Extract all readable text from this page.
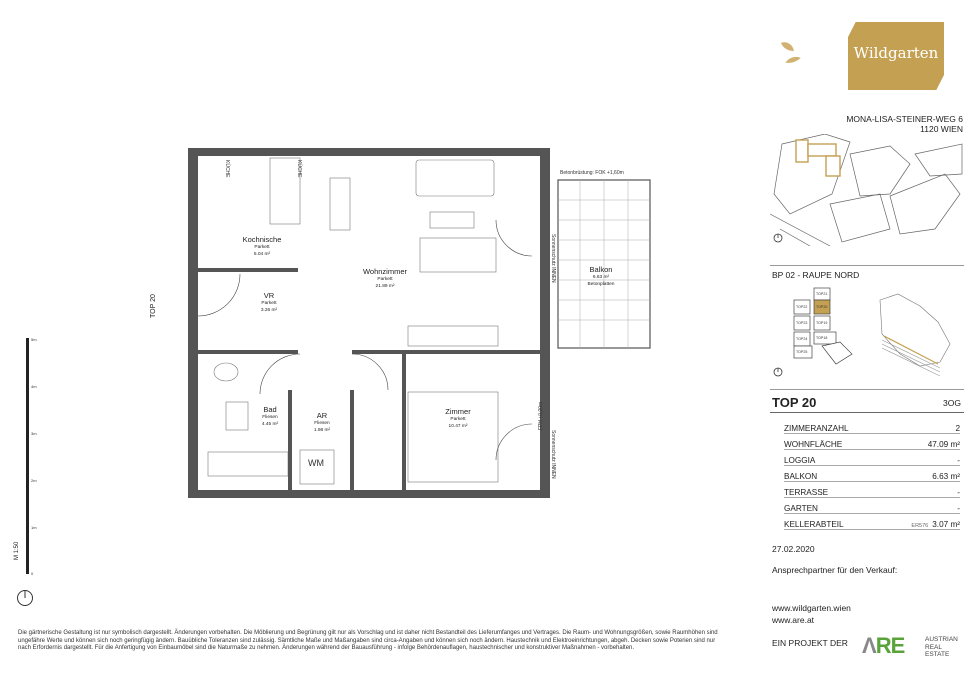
Wildgarten
MONA-LISA-STEINER-WEG 6
1120 WIEN
BP 02 - RAUPE NORD
TOP21
TOP22 TOP20
TOP23 TOP19
TOP24 TOP18
TOP25
TOP 20	3OG
ZIMMERANZAHL	2
WOHNFLÄCHE	47.09 m²
LOGGIA	-
BALKON	6.63 m²
TERRASSE	-
GARTEN	-
KELLERABTEIL	ER576 3.07 m²
27.02.2020
Ansprechpartner für den Verkauf:
www.wildgarten.wien
www.are.at
EIN PROJEKT DER ΛRE	AUSTRIAN
REAL
ESTATE
Die gärtnerische Gestaltung ist nur symbolisch dargestellt. Änderungen vorbehalten. Die Möblierung und Begrünung gilt nur als Vorschlag und ist daher nicht Bestandteil des Lieferumfanges und Vertrages. Die Raum- und Wohnungsgrößen, sowie Raumhöhen sind ungefähre Werte und können sich noch geringfügig ändern. Bauübliche Toleranzen sind zulässig. Sämtliche Maße und Maßangaben sind circa-Angaben und können sich noch ändern. Haustechnik und Elektroeinrichtungen, abgeh. Decken sowie Poterien sind nur nach Erfordernis dargestellt. Für die Anfertigung von Einbaumöbel sind die Naturmaße zu nehmen. Änderungen während der Bauausführung - infolge Behördenauflagen, haustechnischer und konstruktiver Maßnahmen - vorbehalten.
5m
4m
3m
2m
1m
0
M 1:50
TOP 20
Betonbrüstung: FOK +1,60m
Sonnenschutz INNEN
Sonnenschutz INNEN
KÜCHE	KÜCHE
FPH +0,00m
WM
Kochnische
Parkett
5.04 m²
Wohnzimmer
Parkett
21.89 m²
VR
Parkett
3.26 m²
Bad
Fliesen
4.45 m²
AR
Fliesen
1.98 m²
Zimmer
Parkett
10.47 m²
Balkon
6.63 m²
Betonplatten
